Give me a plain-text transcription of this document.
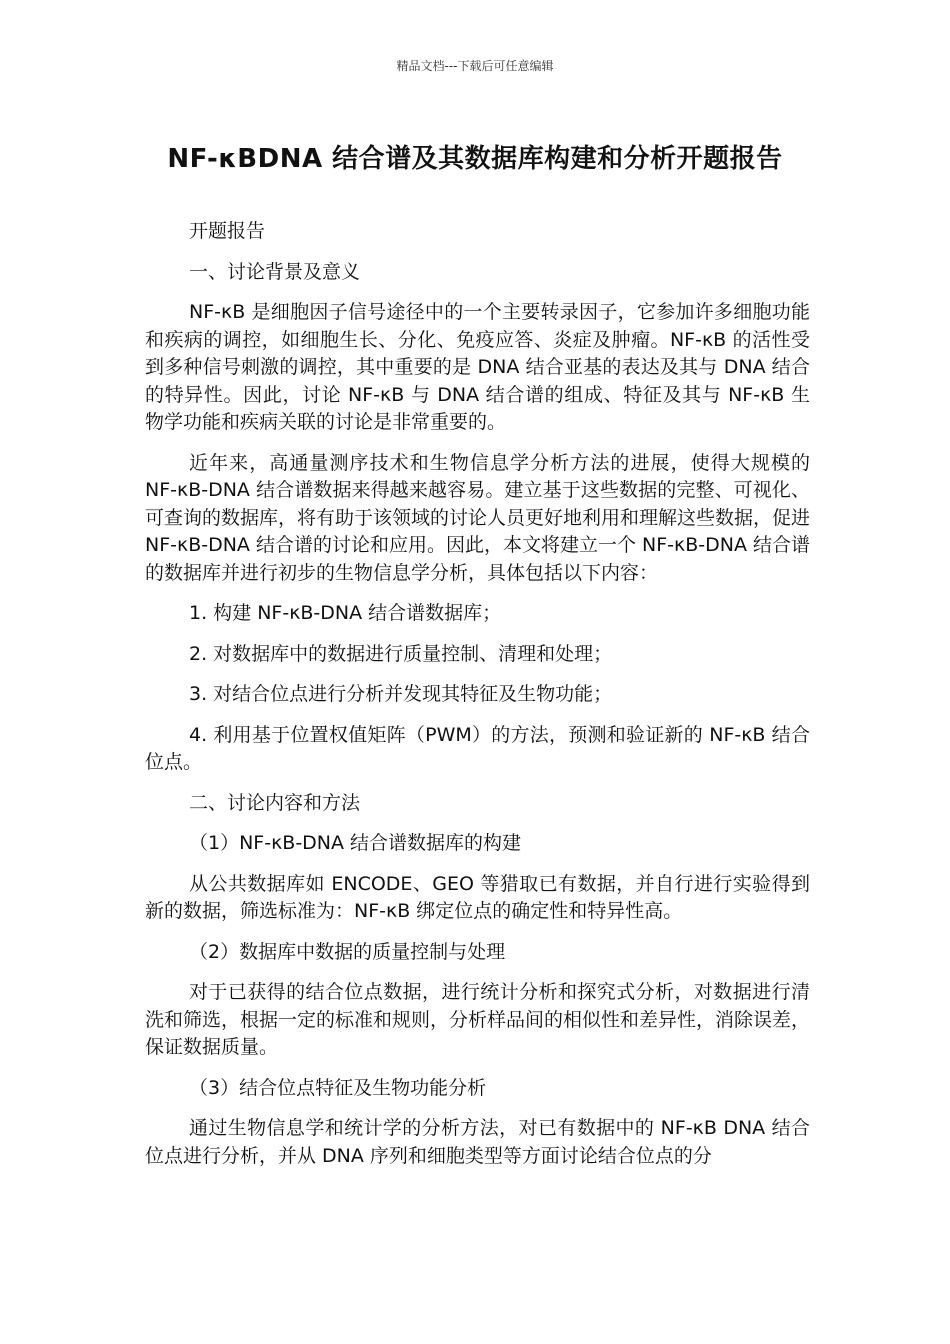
精品文档---下载后可任意编辑
NF-κBDNA 结合谱及其数据库构建和分析开题报告

开题报告

一、讨论背景及意义

NF-κB 是细胞因子信号途径中的一个主要转录因子，它参加许多细胞功能和疾病的调控，如细胞生长、分化、免疫应答、炎症及肿瘤。NF-κB 的活性受到多种信号刺激的调控，其中重要的是 DNA 结合亚基的表达及其与 DNA 结合的特异性。因此，讨论 NF-κB 与 DNA 结合谱的组成、特征及其与 NF-κB 生物学功能和疾病关联的讨论是非常重要的。

近年来，高通量测序技术和生物信息学分析方法的进展，使得大规模的 NF-κB-DNA 结合谱数据来得越来越容易。建立基于这些数据的完整、可视化、可查询的数据库，将有助于该领域的讨论人员更好地利用和理解这些数据，促进 NF-κB-DNA 结合谱的讨论和应用。因此，本文将建立一个 NF-κB-DNA 结合谱的数据库并进行初步的生物信息学分析，具体包括以下内容：

1. 构建 NF-κB-DNA 结合谱数据库；

2. 对数据库中的数据进行质量控制、清理和处理；

3. 对结合位点进行分析并发现其特征及生物功能；

4. 利用基于位置权值矩阵（PWM）的方法，预测和验证新的 NF-κB 结合位点。

二、讨论内容和方法

（1）NF-κB-DNA 结合谱数据库的构建

从公共数据库如 ENCODE、GEO 等猎取已有数据，并自行进行实验得到新的数据，筛选标准为：NF-κB 绑定位点的确定性和特异性高。

（2）数据库中数据的质量控制与处理

对于已获得的结合位点数据，进行统计分析和探究式分析，对数据进行清洗和筛选，根据一定的标准和规则，分析样品间的相似性和差异性，消除误差，保证数据质量。

（3）结合位点特征及生物功能分析

通过生物信息学和统计学的分析方法，对已有数据中的 NF-κB DNA 结合位点进行分析，并从 DNA 序列和细胞类型等方面讨论结合位点的分
